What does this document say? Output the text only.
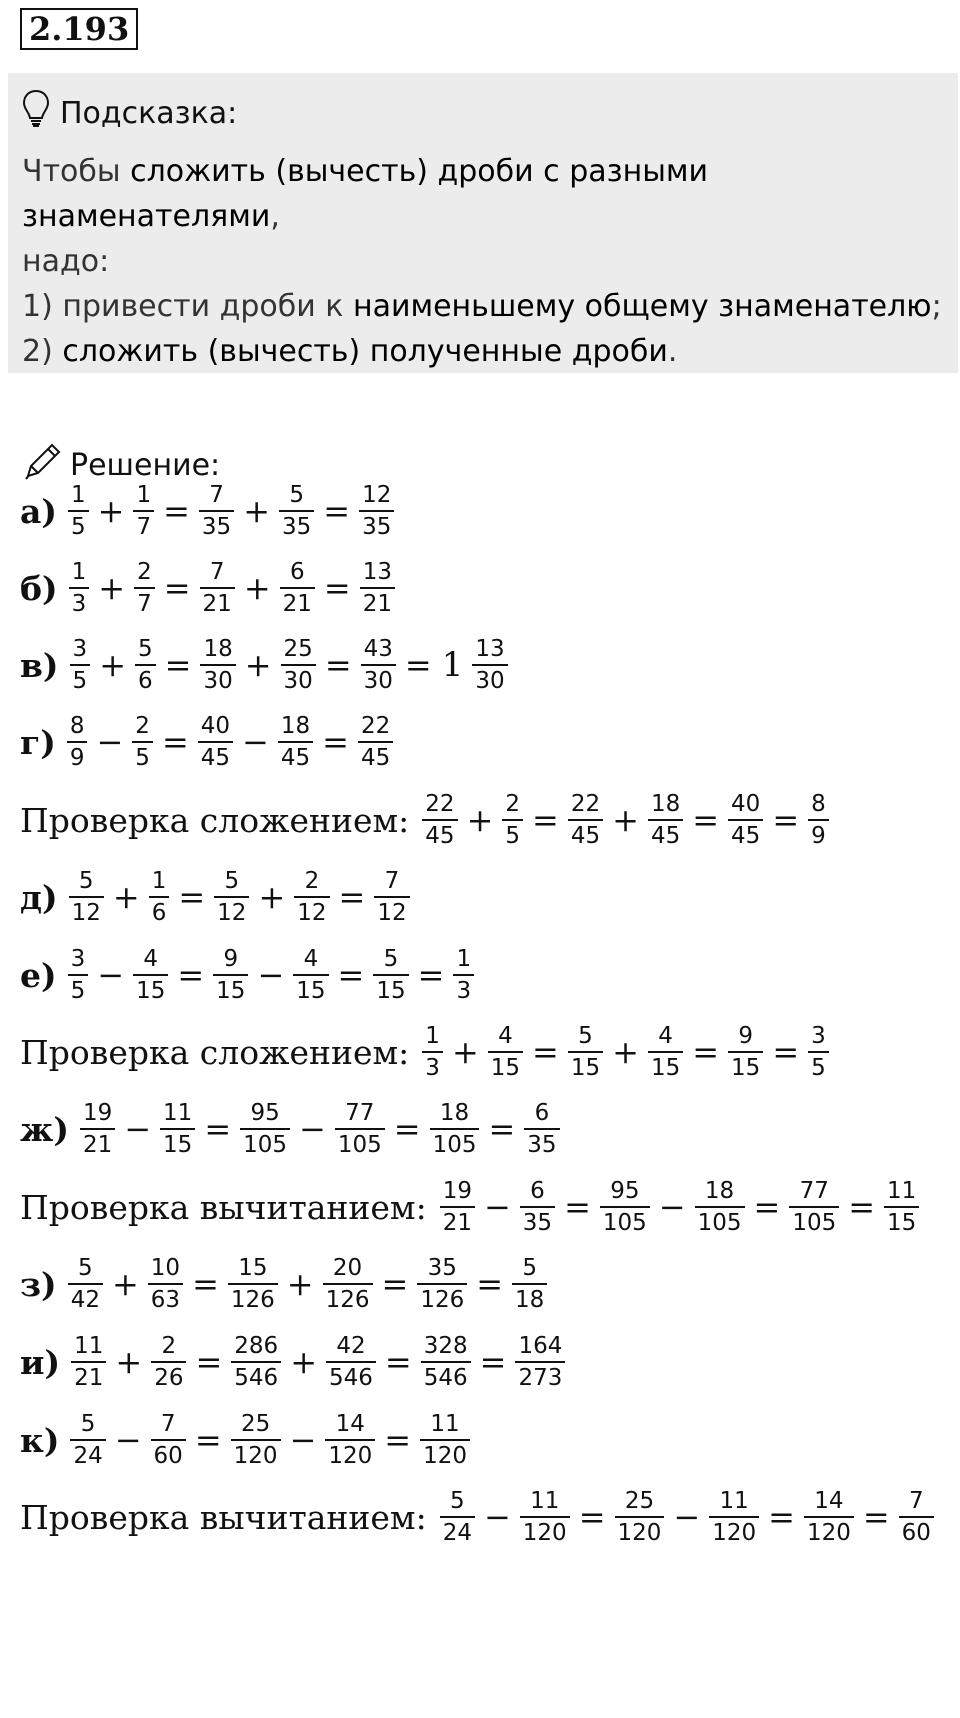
2.193
Подсказка:
Чтобы сложить (вычесть) дроби с разными знаменателями,
надо:
1) привести дроби к наименьшему общему знаменателю;
2) сложить (вычесть) полученные дроби.
Решение:
$а) \frac{1}{5} + \frac{1}{7} = \frac{7}{35} + \frac{5}{35} = \frac{12}{35}$
$б) \frac{1}{3} + \frac{2}{7} = \frac{7}{21} + \frac{6}{21} = \frac{13}{21}$
$в) \frac{3}{5} + \frac{5}{6} = \frac{18}{30} + \frac{25}{30} = \frac{43}{30} = 1 \frac{13}{30}$
$г) \frac{8}{9} - \frac{2}{5} = \frac{40}{45} - \frac{18}{45} = \frac{22}{45}$
Проверка сложением: $\frac{22}{45} + \frac{2}{5} = \frac{22}{45} + \frac{18}{45} = \frac{40}{45} = \frac{8}{9}$
$д) \frac{5}{12} + \frac{1}{6} = \frac{5}{12} + \frac{2}{12} = \frac{7}{12}$
$е) \frac{3}{5} - \frac{4}{15} = \frac{9}{15} - \frac{4}{15} = \frac{5}{15} = \frac{1}{3}$
Проверка сложением: $\frac{1}{3} + \frac{4}{15} = \frac{5}{15} + \frac{4}{15} = \frac{9}{15} = \frac{3}{5}$
$ж) \frac{19}{21} - \frac{11}{15} = \frac{95}{105} - \frac{77}{105} = \frac{18}{105} = \frac{6}{35}$
Проверка вычитанием: $\frac{19}{21} - \frac{6}{35} = \frac{95}{105} - \frac{18}{105} = \frac{77}{105} = \frac{11}{15}$
$з) \frac{5}{42} + \frac{10}{63} = \frac{15}{126} + \frac{20}{126} = \frac{35}{126} = \frac{5}{18}$
$и) \frac{11}{21} + \frac{2}{26} = \frac{286}{546} + \frac{42}{546} = \frac{328}{546} = \frac{164}{273}$
$к) \frac{5}{24} - \frac{7}{60} = \frac{25}{120} - \frac{14}{120} = \frac{11}{120}$
Проверка вычитанием: $\frac{5}{24} - \frac{11}{120} = \frac{25}{120} - \frac{11}{120} = \frac{14}{120} = \frac{7}{60}$
